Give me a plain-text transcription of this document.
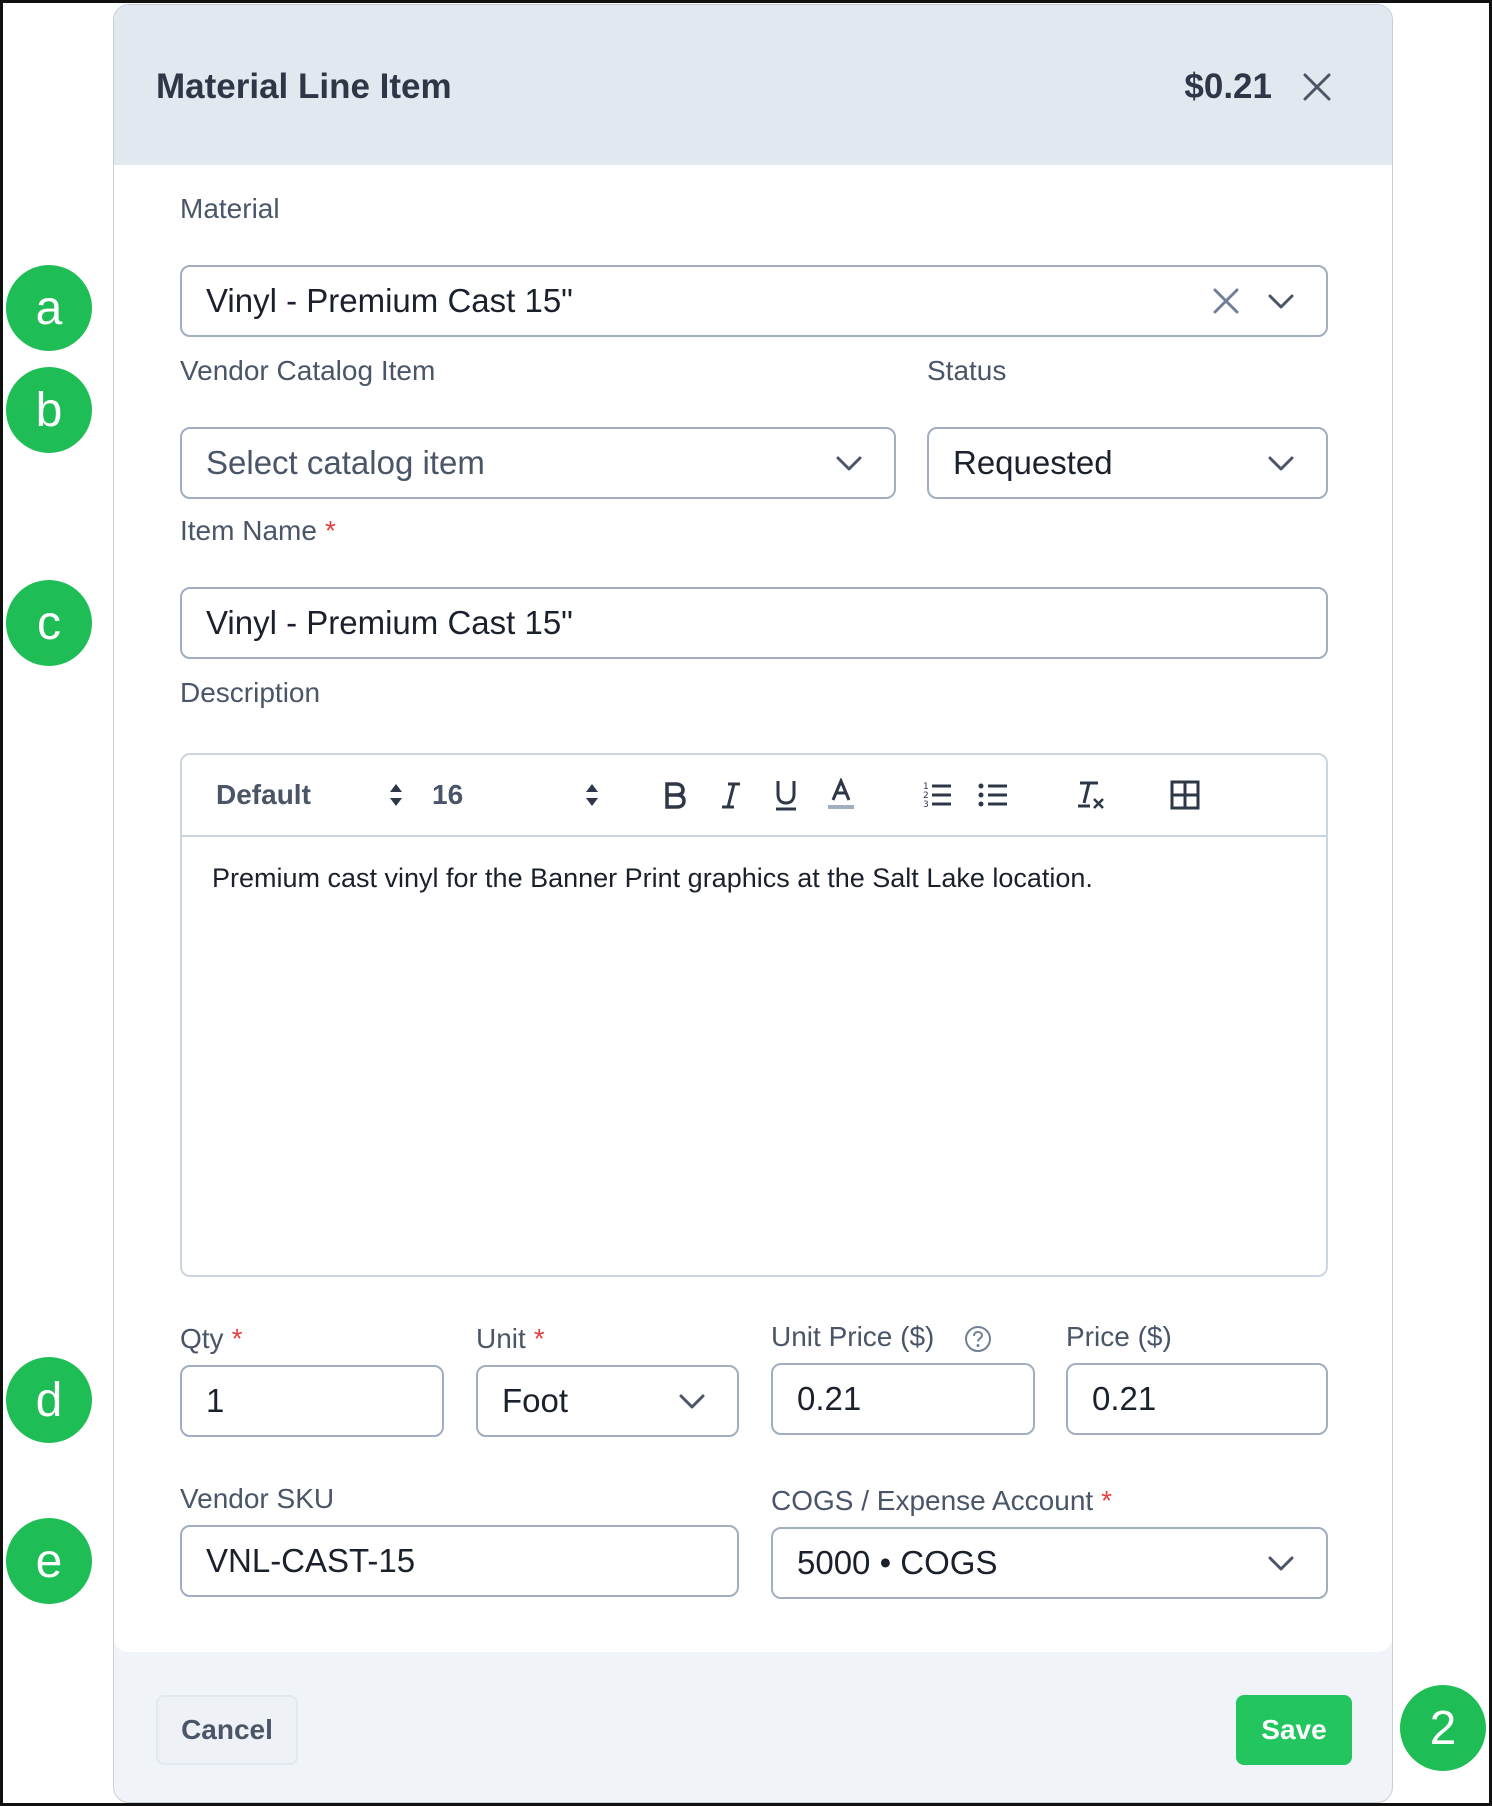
Material Line Item	$0.21
Material
Vinyl - Premium Cast 15"
Vendor Catalog Item
Select catalog item
Status
Requested
Item Name *
Vinyl - Premium Cast 15"
Description
Default	16	1
2
3
Premium cast vinyl for the Banner Print graphics at the Salt Lake location.
Qty *
1
Unit *
Foot
Unit Price ($)
0.21
Price ($)
0.21
Vendor SKU
VNL-CAST-15
COGS / Expense Account *
5000 • COGS
Cancel	Save
a
b
c
d
e
2
